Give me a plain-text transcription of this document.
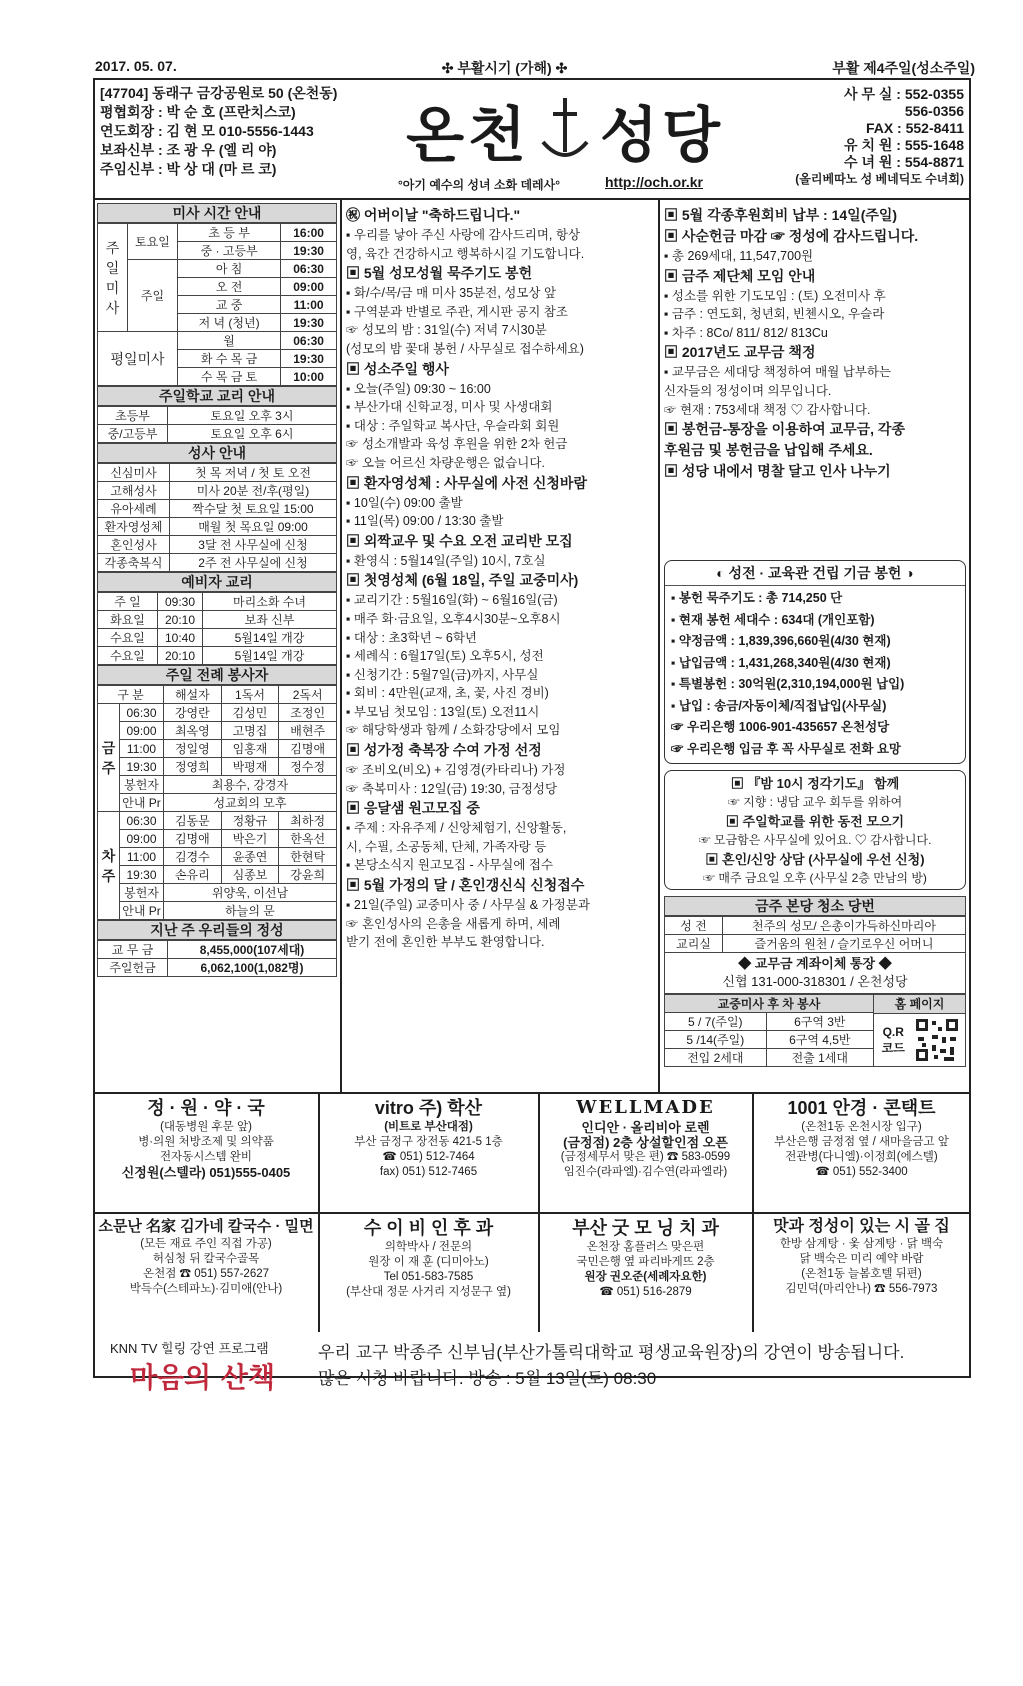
2017. 05. 07.	✣ 부활시기 (가해) ✣	부활 제4주일(성소주일)
[47704] 동래구 금강공원로 50 (온천동)
평협회장 : 박 순 호 (프란치스코)
연도회장 : 김 현 모 010-5556-1443
보좌신부 : 조 광 우 (엘 리 야)
주임신부 : 박 상 대 (마 르 코)	온천 성당
°아기 예수의 성녀 소화 데레사°	http://och.or.kr
사 무 실 : 552-0355
556-0356
FAX : 552-8411
유 치 원 : 555-1648
수 녀 원 : 554-8871
(올리베따노 성 베네딕도 수녀회)
미사 시간 안내
주일미사	토요일	초 등 부	16:00
		중 · 고등부	19:30
	주일	아 침	06:30
		오 전	09:00
		교 중	11:00
		저 녁 (청년)	19:30
평일미사		월	06:30
		화 수 목 금	19:30
		수 목 금 토	10:00
주일학교 교리 안내
초등부	토요일 오후 3시
중/고등부	토요일 오후 6시
성사 안내
신심미사	첫 목 저녁 / 첫 토 오전
고해성사	미사 20분 전/후(평일)
유아세례	짝수달 첫 토요일 15:00
환자영성체	매월 첫 목요일 09:00
혼인성사	3달 전 사무실에 신청
각종축복식	2주 전 사무실에 신청
예비자 교리
주 일	09:30	마리소화 수녀
화요일	20:10	보좌 신부
수요일	10:40	5월14일 개강
수요일	20:10	5월14일 개강
주일 전례 봉사자
구 분		해설자	1독서	2독서
금주	06:30	강영란	김성민	조정인
	09:00	최옥영	고명집	배현주
	11:00	정일영	임홍재	김명애
	19:30	정영희	박평재	정수정
	봉헌자	최용수, 강경자		
	안내 Pr	성교회의 모후		
차주	06:30	김동문	정황규	최하정
	09:00	김명애	박은기	한옥선
	11:00	김경수	윤종연	한현탁
	19:30	손유리	심종보	강윤희
	봉헌자	위양욱, 이선남		
	안내 Pr	하늘의 문		
지난 주 우리들의 정성
교 무 금	8,455,000(107세대)
주일헌금	6,062,100(1,082명)
㊗ 어버이날 "축하드립니다."
▪ 우리를 낳아 주신 사랑에 감사드리며, 항상
영, 육간 건강하시고 행복하시길 기도합니다.
▣ 5월 성모성월 묵주기도 봉헌
▪ 화/수/목/금 매 미사 35분전, 성모상 앞
▪ 구역분과 반별로 주관, 게시판 공지 참조
☞ 성모의 밤 : 31일(수) 저녁 7시30분
(성모의 밤 꽃대 봉헌 / 사무실로 접수하세요)
▣ 성소주일 행사
▪ 오늘(주일) 09:30 ~ 16:00
▪ 부산가대 신학교정, 미사 및 사생대회
▪ 대상 : 주일학교 복사단, 우슬라회 회원
☞ 성소개발과 육성 후원을 위한 2차 헌금
☞ 오늘 어르신 차량운행은 없습니다.
▣ 환자영성체 : 사무실에 사전 신청바람
▪ 10일(수) 09:00 출발
▪ 11일(목) 09:00 / 13:30 출발
▣ 외짝교우 및 수요 오전 교리반 모집
▪ 환영식 : 5월14일(주일) 10시, 7호실
▣ 첫영성체 (6월 18일, 주일 교중미사)
▪ 교리기간 : 5월16일(화) ~ 6월16일(금)
▪ 매주 화·금요일, 오후4시30분~오후8시
▪ 대상 : 초3학년 ~ 6학년
▪ 세례식 : 6월17일(토) 오후5시, 성전
▪ 신청기간 : 5월7일(금)까지, 사무실
▪ 회비 : 4만원(교재, 초, 꽃, 사진 경비)
▪ 부모님 첫모임 : 13일(토) 오전11시
☞ 해당학생과 함께 / 소화강당에서 모임
▣ 성가정 축복장 수여 가정 선정
☞ 조비오(비오) + 김영경(카타리나) 가정
☞ 축복미사 : 12일(금) 19:30, 금정성당
▣ 응달샘 원고모집 중
▪ 주제 : 자유주제 / 신앙체험기, 신앙활동,
시, 수필, 소공동체, 단체, 가족자랑 등
▪ 본당소식지 원고모집 - 사무실에 접수
▣ 5월 가정의 달 / 혼인갱신식 신청접수
▪ 21일(주일) 교중미사 중 / 사무실 & 가정분과
☞ 혼인성사의 은총을 새롭게 하며, 세례
받기 전에 혼인한 부부도 환영합니다.
▣ 5월 각종후원회비 납부 : 14일(주일)
▣ 사순헌금 마감 ☞ 정성에 감사드립니다.
▪ 총 269세대, 11,547,700원
▣ 금주 제단체 모임 안내
▪ 성소를 위한 기도모임 : (토) 오전미사 후
▪ 금주 : 연도회, 청년회, 빈첸시오, 우슬라
▪ 차주 : 8Co/ 811/ 812/ 813Cu
▣ 2017년도 교무금 책정
▪ 교무금은 세대당 책정하여 매월 납부하는
신자들의 정성이며 의무입니다.
☞ 현재 : 753세대 책정 ♡ 감사합니다.
▣ 봉헌금-통장을 이용하여 교무금, 각종
후원금 및 봉헌금을 납입해 주세요.
▣ 성당 내에서 명찰 달고 인사 나누기
◐ 성전 · 교육관 건립 기금 봉헌 ◑
▪ 봉헌 묵주기도 : 총 714,250 단
▪ 현재 봉헌 세대수 : 634대 (개인포함)
▪ 약정금액 : 1,839,396,660원(4/30 현재)
▪ 납입금액 : 1,431,268,340원(4/30 현재)
▪ 특별봉헌 : 30억원(2,310,194,000원 납입)
▪ 납입 : 송금/자동이체/직접납입(사무실)
☞ 우리은행 1006-901-435657 온천성당
☞ 우리은행 입금 후 꼭 사무실로 전화 요망
▣ 『밤 10시 정각기도』 함께
☞ 지향 : 냉담 교우 회두를 위하여
▣ 주일학교를 위한 동전 모으기
☞ 모금함은 사무실에 있어요. ♡ 감사합니다.
▣ 혼인/신앙 상담 (사무실에 우선 신청)
☞ 매주 금요일 오후 (사무실 2층 만남의 방)
금주 본당 청소 당번
성 전	천주의 성모/ 은총이가득하신마리아
교리실	즐거움의 원천 / 슬기로우신 어머니
◆ 교무금 계좌이체 통장 ◆
신협 131-000-318301 / 온천성당
교중미사 후 차 봉사	
5 / 7(주일)	6구역 3반
5 /14(주일)	6구역 4,5반
전입 2세대	전출 1세대
홈 페이지
Q.R 코드
정 · 원 · 약 · 국
(대동병원 후문 앞)
병·의원 처방조제 및 의약품
전자동시스템 완비
신정원(스텔라) 051)555-0405
vitro 주) 학산
(비트로 부산대점)
부산 금정구 장전동 421-5 1층
☎ 051) 512-7464
fax) 051) 512-7465
WELLMADE
인디안 · 올리비아 로렌
(금정점) 2층 상설할인점 오픈
(금정세무서 맞은 편) ☎ 583-0599
임진수(라파엘)·김수연(라파엘라)
1001 안경 · 콘택트
(온천1동 온천시장 입구)
부산은행 금정점 옆 / 새마을금고 앞
전관병(다니엘)·이정희(에스텔)
☎ 051) 552-3400
소문난 名家 김가네 칼국수 · 밀면
(모든 재료 주인 직접 가공)
허심청 뒤 칼국수골목
온천점 ☎ 051) 557-2627
박득수(스테파노)·김미애(안나)
수 이 비 인 후 과
의학박사 / 전문의
원장 이 재 훈 (디미아노)
Tel 051-583-7585
(부산대 정문 사거리 지성문구 옆)
부산 굿 모 닝 치 과
온천장 홈플러스 맞은편
국민은행 옆 파리바게뜨 2층
원장 권오준(세례자요한)
☎ 051) 516-2879
맛과 정성이 있는 시 골 집
한방 삼계탕 · 옻 삼계탕 · 닭 백숙
닭 백숙은 미리 예약 바람
(온천1동 늘봄호텔 뒤편)
김민덕(마리안나) ☎ 556-7973
KNN TV 힐링 강연 프로그램
마음의 산책
우리 교구 박종주 신부님(부산가톨릭대학교 평생교육원장)의 강연이 방송됩니다.
많은 시청 바랍니다. 방송 : 5월 13일(토) 08:30
